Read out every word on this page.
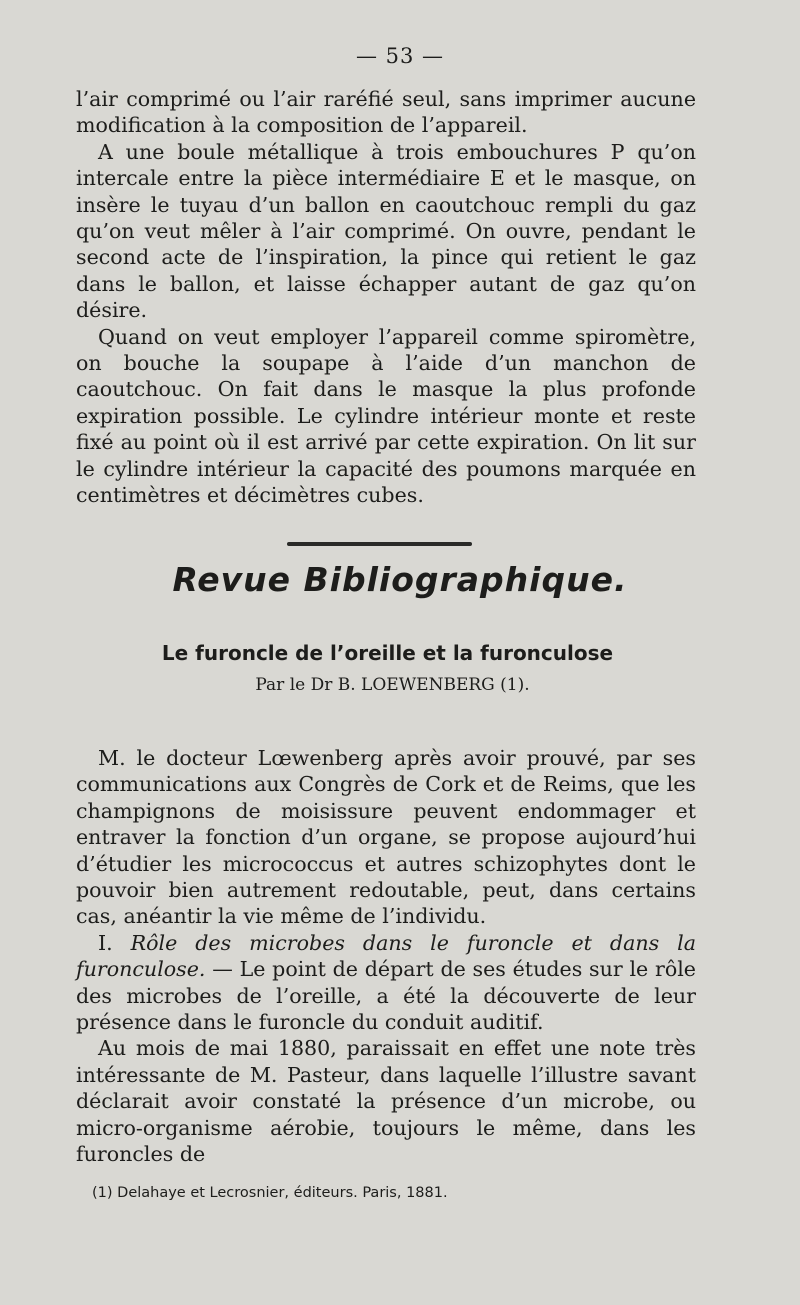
— 53 —

l’air comprimé ou l’air raréfié seul, sans imprimer aucune modification à la composition de l’appareil.

A une boule métallique à trois embouchures P qu’on intercale entre la pièce intermédiaire E et le masque, on insère le tuyau d’un ballon en caoutchouc rempli du gaz qu’on veut mêler à l’air comprimé. On ouvre, pendant le second acte de l’inspiration, la pince qui retient le gaz dans le ballon, et laisse échapper autant de gaz qu’on désire.

Quand on veut employer l’appareil comme spiromètre, on bouche la soupape à l’aide d’un manchon de caoutchouc. On fait dans le masque la plus profonde expiration possible. Le cylindre intérieur monte et reste fixé au point où il est arrivé par cette expiration. On lit sur le cylindre intérieur la capacité des poumons marquée en centimètres et décimètres cubes.

Revue Bibliographique.
Le furoncle de l’oreille et la furonculose
Par le Dr B. LOEWENBERG (1).

M. le docteur Lœwenberg après avoir prouvé, par ses communications aux Congrès de Cork et de Reims, que les champignons de moisissure peuvent endommager et entraver la fonction d’un organe, se propose aujourd’hui d’étudier les micrococcus et autres schizophytes dont le pouvoir bien autrement redoutable, peut, dans certains cas, anéantir la vie même de l’individu.

I. Rôle des microbes dans le furoncle et dans la furonculose. — Le point de départ de ses études sur le rôle des microbes de l’oreille, a été la découverte de leur présence dans le furoncle du conduit auditif.

Au mois de mai 1880, paraissait en effet une note très intéressante de M. Pasteur, dans laquelle l’illustre savant déclarait avoir constaté la présence d’un microbe, ou micro-organisme aérobie, toujours le même, dans les furoncles de

(1) Delahaye et Lecrosnier, éditeurs. Paris, 1881.
